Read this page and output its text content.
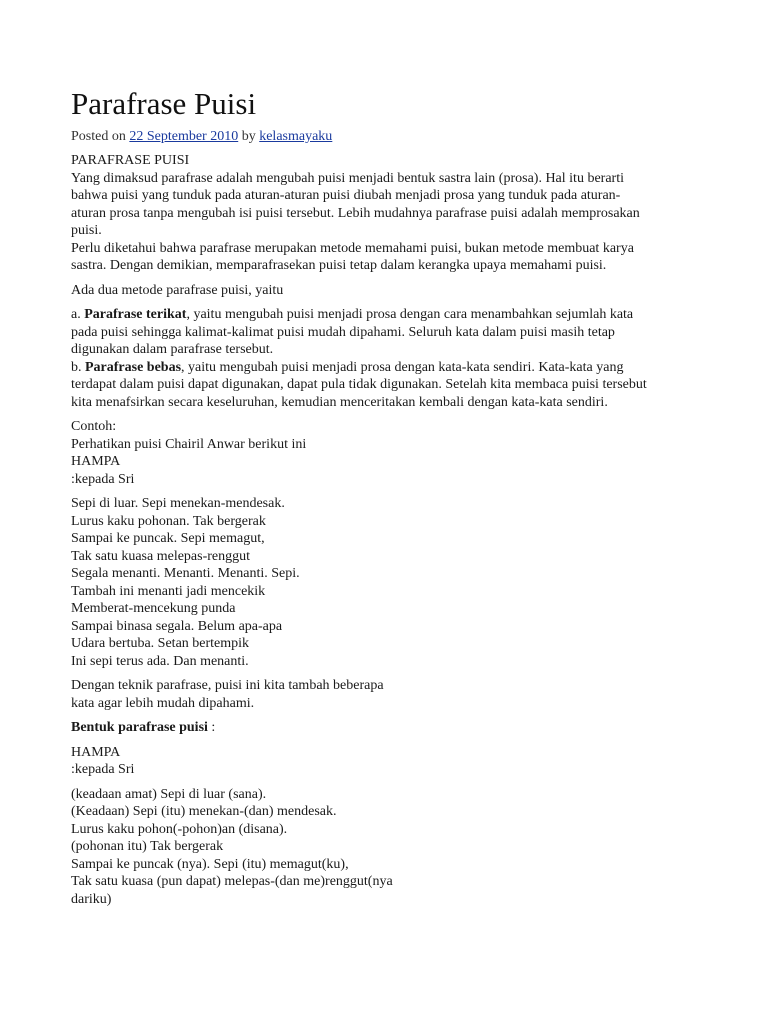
Parafrase Puisi
Posted on 22 September 2010 by kelasmayaku

PARAFRASE PUISI

Yang dimaksud parafrase adalah mengubah puisi menjadi bentuk sastra lain (prosa). Hal itu berarti
bahwa puisi yang tunduk pada aturan-aturan puisi diubah menjadi prosa yang tunduk pada aturan-
aturan prosa tanpa mengubah isi puisi tersebut. Lebih mudahnya parafrase puisi adalah memprosakan
puisi.
Perlu diketahui bahwa parafrase merupakan metode memahami puisi, bukan metode membuat karya
sastra. Dengan demikian, memparafrasekan puisi tetap dalam kerangka upaya memahami puisi.

Ada dua metode parafrase puisi, yaitu

a. Parafrase terikat, yaitu mengubah puisi menjadi prosa dengan cara menambahkan sejumlah kata
pada puisi sehingga kalimat-kalimat puisi mudah dipahami. Seluruh kata dalam puisi masih tetap
digunakan dalam parafrase tersebut.
b. Parafrase bebas, yaitu mengubah puisi menjadi prosa dengan kata-kata sendiri. Kata-kata yang
terdapat dalam puisi dapat digunakan, dapat pula tidak digunakan. Setelah kita membaca puisi tersebut
kita menafsirkan secara keseluruhan, kemudian menceritakan kembali dengan kata-kata sendiri.

Contoh:
Perhatikan puisi Chairil Anwar berikut ini
HAMPA
:kepada Sri

Sepi di luar. Sepi menekan-mendesak.
Lurus kaku pohonan. Tak bergerak
Sampai ke puncak. Sepi memagut,
Tak satu kuasa melepas-renggut
Segala menanti. Menanti. Menanti. Sepi.
Tambah ini menanti jadi mencekik
Memberat-mencekung punda
Sampai binasa segala. Belum apa-apa
Udara bertuba. Setan bertempik
Ini sepi terus ada. Dan menanti.

Dengan teknik parafrase, puisi ini kita tambah beberapa
kata agar lebih mudah dipahami.

Bentuk parafrase puisi :

HAMPA
:kepada Sri

(keadaan amat) Sepi di luar (sana).
(Keadaan) Sepi (itu) menekan-(dan) mendesak.
Lurus kaku pohon(-pohon)an (disana).
(pohonan itu) Tak bergerak
Sampai ke puncak (nya). Sepi (itu) memagut(ku),
Tak satu kuasa (pun dapat) melepas-(dan me)renggut(nya
dariku)
